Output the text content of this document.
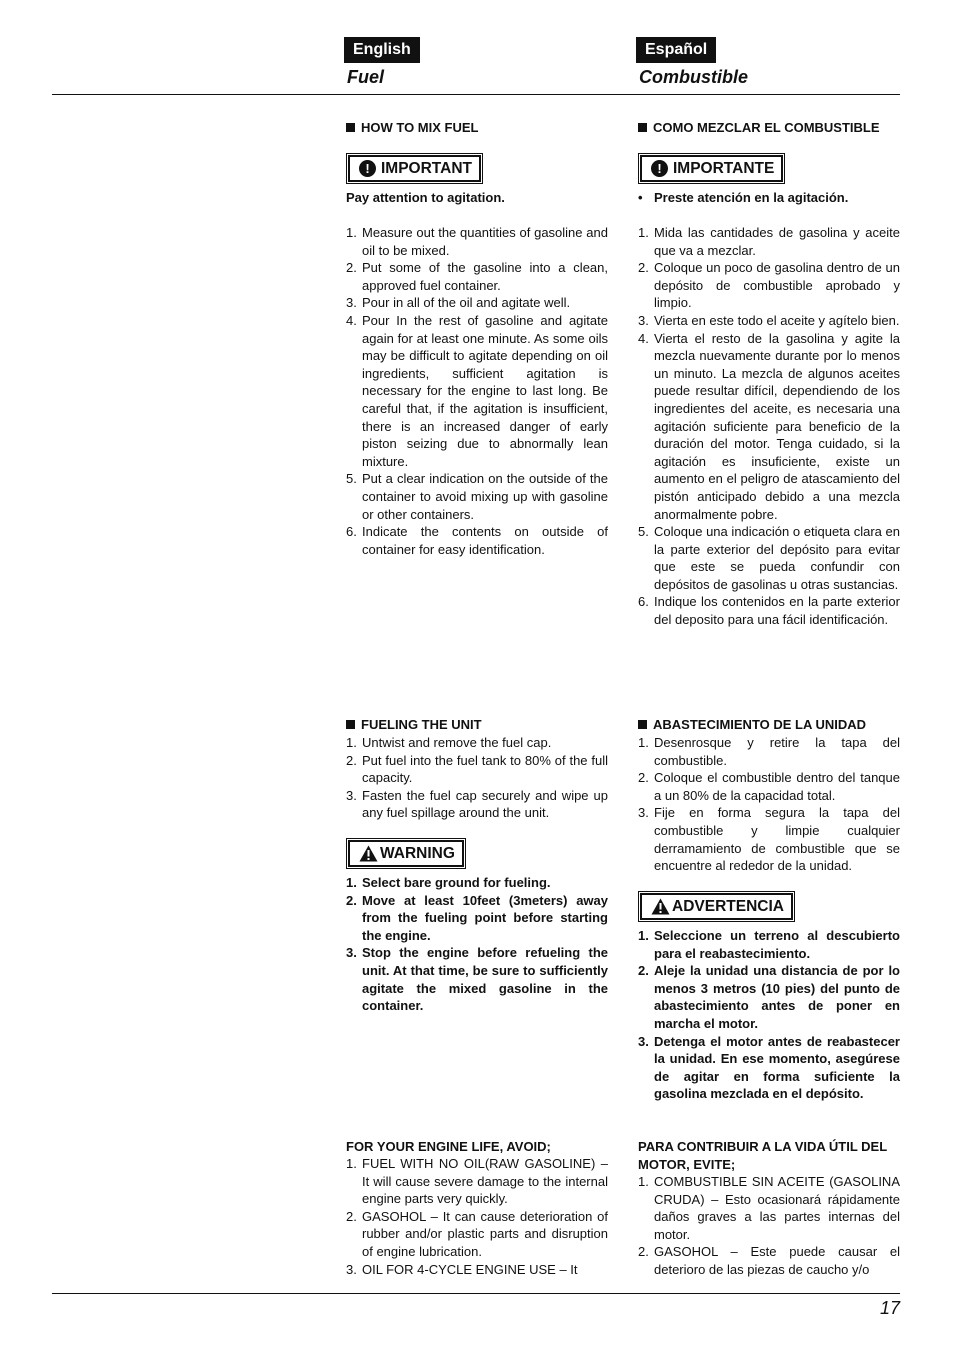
English
Fuel
Español
Combustible
HOW TO MIX FUEL
! IMPORTANT
Pay attention to agitation.
1. Measure out the quantities of gasoline and oil to be mixed.
2. Put some of the gasoline into a clean, approved fuel container.
3. Pour in all of the oil and agitate well.
4. Pour In the rest of gasoline and agitate again for at least one minute. As some oils may be difficult to agitate depending on oil ingredients, sufficient agitation is necessary for the engine to last long. Be careful that, if the agitation is insufficient, there is an increased danger of early piston seizing due to abnormally lean mixture.
5. Put a clear indication on the outside of the container to avoid mixing up with gasoline or other containers.
6. Indicate the contents on outside of container for easy identification.
FUELING THE UNIT
1. Untwist and remove the fuel cap.
2. Put fuel into the fuel tank to 80% of the full capacity.
3. Fasten the fuel cap securely and wipe up any fuel spillage around the unit.
WARNING
1. Select bare ground for fueling.
2. Move at least 10feet (3meters) away from the fueling point before starting the engine.
3. Stop the engine before refueling the unit. At that time, be sure to sufficiently agitate the mixed gasoline in the container.
FOR YOUR ENGINE LIFE, AVOID;
1. FUEL WITH NO OIL(RAW GASOLINE) – It will cause severe damage to the internal engine parts very quickly.
2. GASOHOL – It can cause deterioration of rubber and/or plastic parts and disruption of engine lubrication.
3. OIL FOR 4-CYCLE ENGINE USE – It
COMO MEZCLAR EL COMBUSTIBLE
! IMPORTANTE
• Preste atención en la agitación.
1. Mida las cantidades de gasolina y aceite que va a mezclar.
2. Coloque un poco de gasolina dentro de un depósito de combustible aprobado y limpio.
3. Vierta en este todo el aceite y agítelo bien.
4. Vierta el resto de la gasolina y agite la mezcla nuevamente durante por lo menos un minuto. La mezcla de algunos aceites puede resultar difícil, dependiendo de los ingredientes del aceite, es necesaria una agitación suficiente para beneficio de la duración del motor. Tenga cuidado, si la agitación es insuficiente, existe un aumento en el peligro de atascamiento del pistón anticipado debido a una mezcla anormalmente pobre.
5. Coloque una indicación o etiqueta clara en la parte exterior del depósito para evitar que este se pueda confundir con depósitos de gasolinas u otras sustancias.
6. Indique los contenidos en la parte exterior del deposito para una fácil identificación.
ABASTECIMIENTO DE LA UNIDAD
1. Desenrosque y retire la tapa del combustible.
2. Coloque el combustible dentro del tanque a un 80% de la capacidad total.
3. Fije en forma segura la tapa del combustible y limpie cualquier derramamiento de combustible que se encuentre al rededor de la unidad.
ADVERTENCIA
1. Seleccione un terreno al descubierto para el reabastecimiento.
2. Aleje la unidad una distancia de por lo menos 3 metros (10 pies) del punto de abastecimiento antes de poner en marcha el motor.
3. Detenga el motor antes de reabastecer la unidad. En ese momento, asegúrese de agitar en forma suficiente la gasolina mezclada en el depósito.
PARA CONTRIBUIR A LA VIDA ÚTIL DEL MOTOR, EVITE;
1. COMBUSTIBLE SIN ACEITE (GASOLINA CRUDA) – Esto ocasionará rápidamente daños graves a las partes internas del motor.
2. GASOHOL – Este puede causar el deterioro de las piezas de caucho y/o
17
